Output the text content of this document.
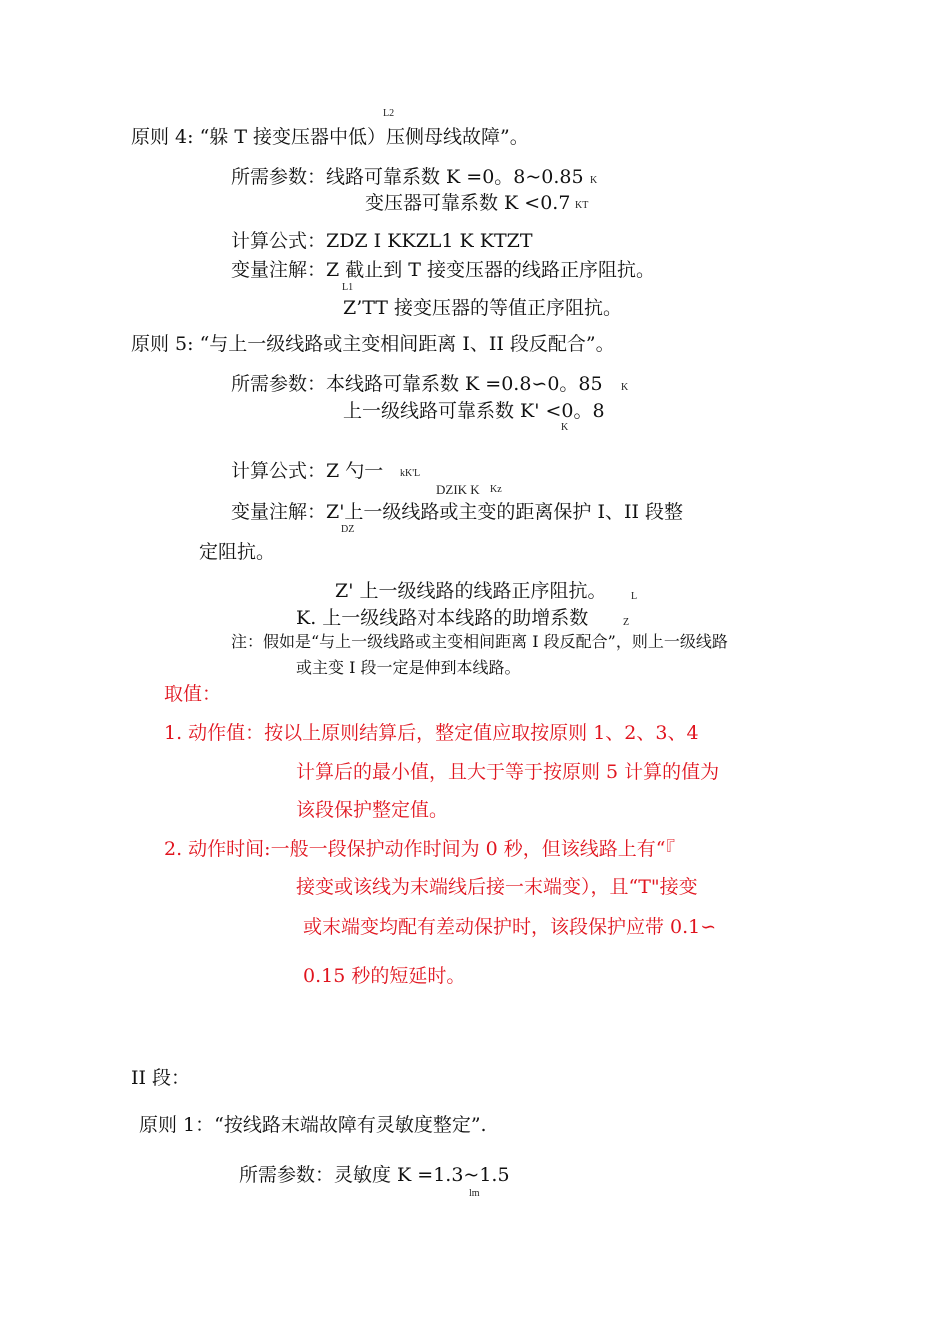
L2
原则 4: “躲 T 接变压器中低）压侧母线故障”。
所需参数：线路可靠系数 K =0。8~0.85 K
变压器可靠系数 K <0.7 KT
计算公式：ZDZ I KKZL1 K KTZT
变量注解：Z 截止到 T 接变压器的线路正序阻抗。
L1
Z’TT 接变压器的等值正序阻抗。
原则 5: “与上一级线路或主变相间距离 I、II 段反配合”。
所需参数：本线路可靠系数 K =0.8∽0。85 K
上一级线路可靠系数 K' <0。8
K
计算公式：Z 勺一 kK'L
DZIK K Kz
变量注解：Z'上一级线路或主变的距离保护 I、II 段整
DZ
定阻抗。
Z' 上一级线路的线路正序阻抗。 L
K. 上一级线路对本线路的助增系数	Z
注：假如是“与上一级线路或主变相间距离 I 段反配合”，则上一级线路
或主变 I 段一定是伸到本线路。
取值：
1. 动作值：按以上原则结算后，整定值应取按原则 1、2、3、4
计算后的最小值，且大于等于按原则 5 计算的值为
该段保护整定值。
2. 动作时间:一般一段保护动作时间为 0 秒，但该线路上有“『
接变或该线为末端线后接一末端变），且“T"接变
或末端变均配有差动保护时，该段保护应带 0.1∽
0.15 秒的短延时。
II 段：
原则 1：“按线路末端故障有灵敏度整定”.
所需参数：灵敏度 K =1.3~1.5
lm
